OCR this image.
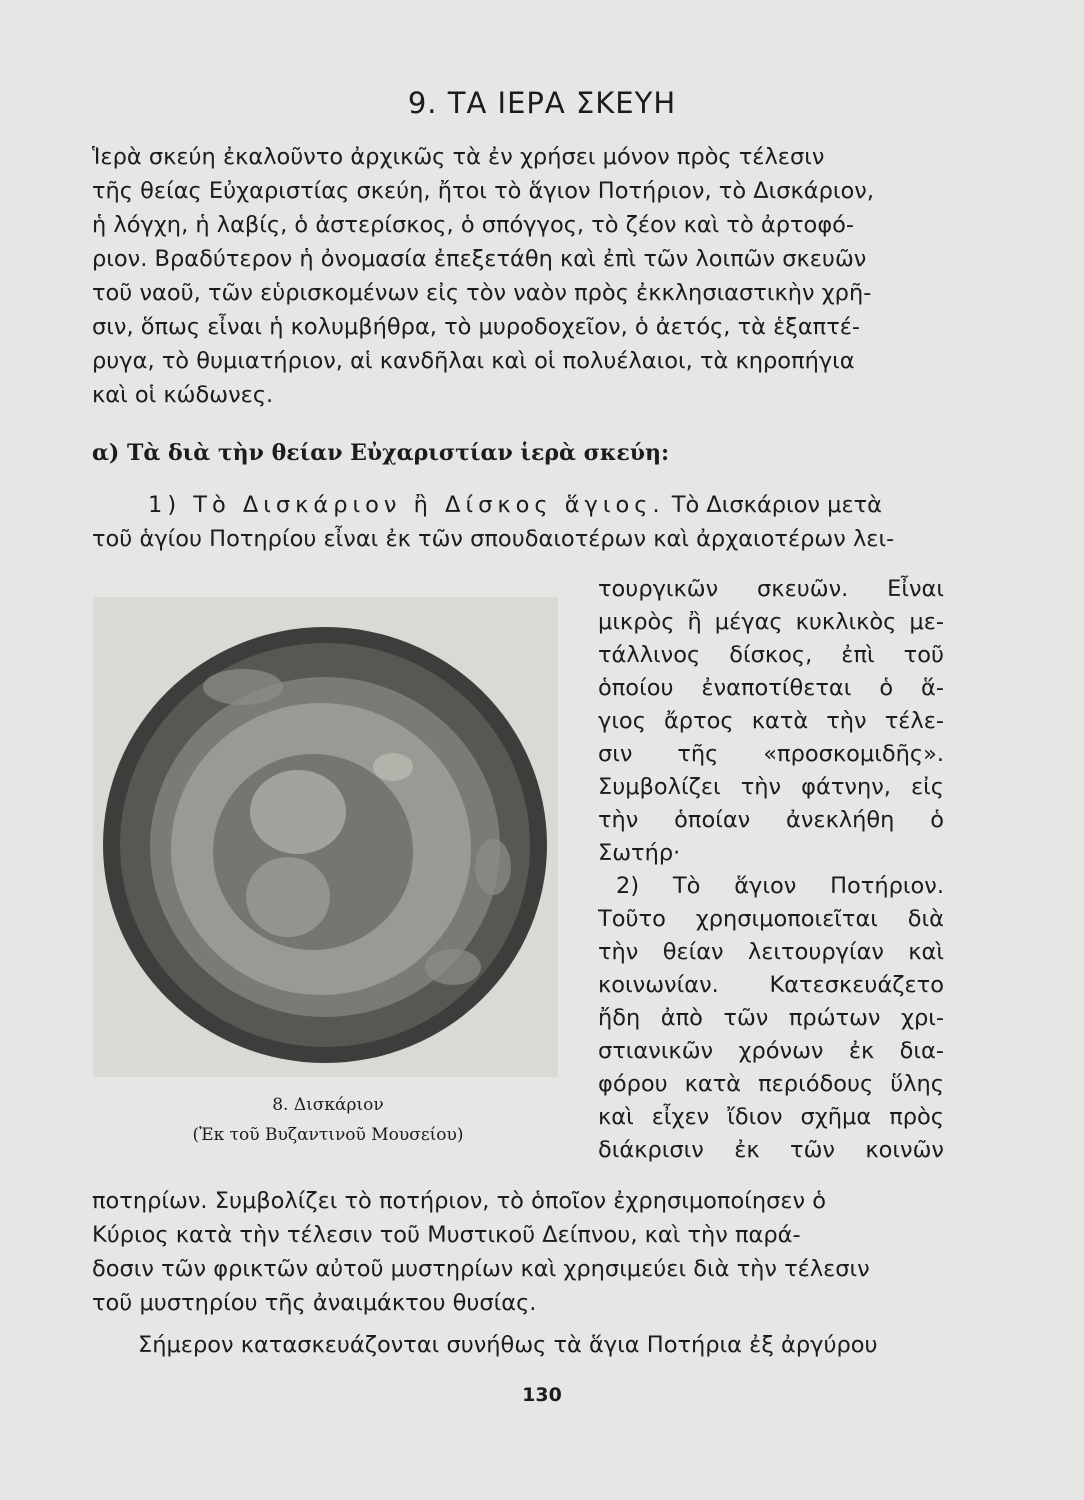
9. ΤΑ ΙΕΡΑ ΣΚΕΥΗ
Ἱερὰ σκεύη ἐκαλοῦντο ἀρχικῶς τὰ ἐν χρήσει μόνον πρὸς τέλεσιν
τῆς θείας Εὐχαριστίας σκεύη, ἤτοι τὸ ἅγιον Ποτήριον, τὸ Δισκάριον,
ἡ λόγχη, ἡ λαβίς, ὁ ἀστερίσκος, ὁ σπόγγος, τὸ ζέον καὶ τὸ ἀρτοφό-
ριον. Βραδύτερον ἡ ὀνομασία ἐπεξετάθη καὶ ἐπὶ τῶν λοιπῶν σκευῶν
τοῦ ναοῦ, τῶν εὑρισκομένων εἰς τὸν ναὸν πρὸς ἐκκλησιαστικὴν χρῆ-
σιν, ὅπως εἶναι ἡ κολυμβήθρα, τὸ μυροδοχεῖον, ὁ ἀετός, τὰ ἑξαπτέ-
ρυγα, τὸ θυμιατήριον, αἱ κανδῆλαι καὶ οἱ πολυέλαιοι, τὰ κηροπήγια
καὶ οἱ κώδωνες.
α) Τὰ διὰ τὴν θείαν Εὐχαριστίαν ἱερὰ σκεύη:
1) Τὸ Δισκάριον ἢ Δίσκος ἅγιος. Τὸ Δισκάριον μετὰ
τοῦ ἁγίου Ποτηρίου εἶναι ἐκ τῶν σπουδαιοτέρων καὶ ἀρχαιοτέρων λει-
τουργικῶν σκευῶν. Εἶναι
μικρὸς ἢ μέγας κυκλικὸς με-
τάλλινος δίσκος, ἐπὶ τοῦ
ὁποίου ἐναποτίθεται ὁ ἅ-
γιος ἄρτος κατὰ τὴν τέλε-
σιν τῆς «προσκομιδῆς».
Συμβολίζει τὴν φάτνην, εἰς
τὴν ὁποίαν ἀνεκλήθη ὁ
Σωτήρ·
2) Τὸ ἅγιον Ποτήριον.
Τοῦτο χρησιμοποιεῖται διὰ
τὴν θείαν λειτουργίαν καὶ
κοινωνίαν. Κατεσκευάζετο
ἤδη ἀπὸ τῶν πρώτων χρι-
στιανικῶν χρόνων ἐκ δια-
φόρου κατὰ περιόδους ὕλης
καὶ εἶχεν ἴδιον σχῆμα πρὸς
διάκρισιν ἐκ τῶν κοινῶν
8. Δισκάριον
(Ἐκ τοῦ Βυζαντινοῦ Μουσείου)
ποτηρίων. Συμβολίζει τὸ ποτήριον, τὸ ὁποῖον ἐχρησιμοποίησεν ὁ
Κύριος κατὰ τὴν τέλεσιν τοῦ Μυστικοῦ Δείπνου, καὶ τὴν παρά-
δοσιν τῶν φρικτῶν αὐτοῦ μυστηρίων καὶ χρησιμεύει διὰ τὴν τέλεσιν
τοῦ μυστηρίου τῆς ἀναιμάκτου θυσίας.
Σήμερον κατασκευάζονται συνήθως τὰ ἅγια Ποτήρια ἐξ ἀργύρου
130
